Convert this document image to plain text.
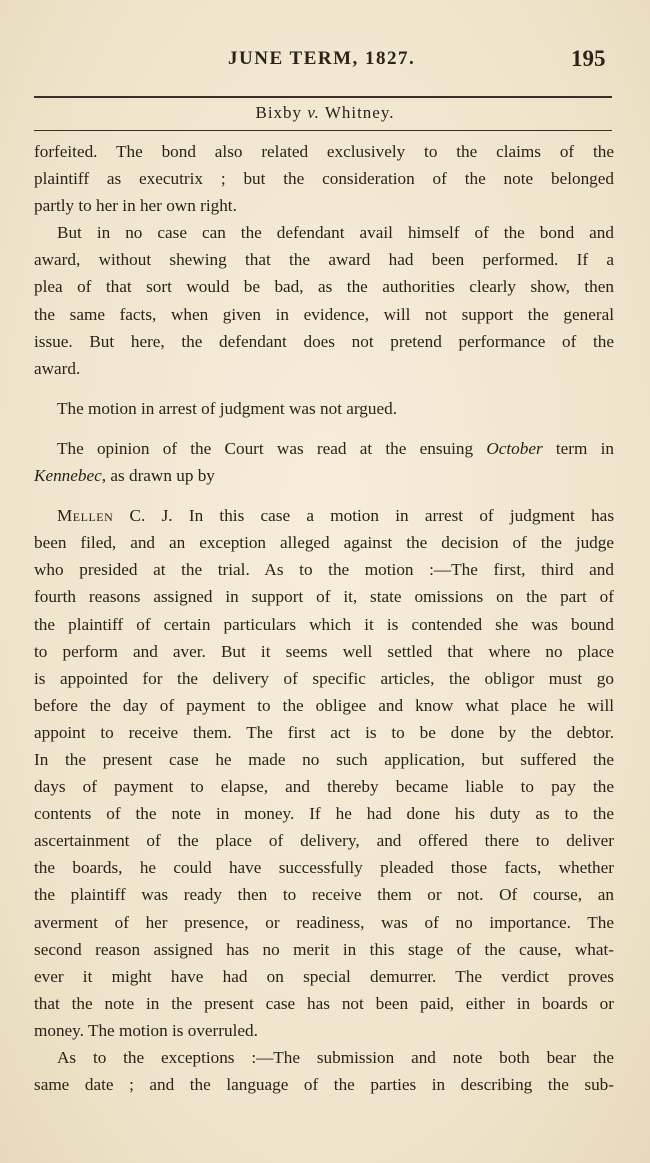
JUNE TERM, 1827.	195
Bixby v. Whitney.
forfeited. The bond also related exclusively to the claims of the
plaintiff as executrix ; but the consideration of the note belonged
partly to her in her own right.
But in no case can the defendant avail himself of the bond and
award, without shewing that the award had been performed. If a
plea of that sort would be bad, as the authorities clearly show, then
the same facts, when given in evidence, will not support the general
issue. But here, the defendant does not pretend performance of the
award.
The motion in arrest of judgment was not argued.
The opinion of the Court was read at the ensuing October term in
Kennebec, as drawn up by
Mellen C. J. In this case a motion in arrest of judgment has
been filed, and an exception alleged against the decision of the judge
who presided at the trial. As to the motion :—The first, third and
fourth reasons assigned in support of it, state omissions on the part of
the plaintiff of certain particulars which it is contended she was bound
to perform and aver. But it seems well settled that where no place
is appointed for the delivery of specific articles, the obligor must go
before the day of payment to the obligee and know what place he will
appoint to receive them. The first act is to be done by the debtor.
In the present case he made no such application, but suffered the
days of payment to elapse, and thereby became liable to pay the
contents of the note in money. If he had done his duty as to the
ascertainment of the place of delivery, and offered there to deliver
the boards, he could have successfully pleaded those facts, whether
the plaintiff was ready then to receive them or not. Of course, an
averment of her presence, or readiness, was of no importance. The
second reason assigned has no merit in this stage of the cause, what-
ever it might have had on special demurrer. The verdict proves
that the note in the present case has not been paid, either in boards or
money. The motion is overruled.
As to the exceptions :—The submission and note both bear the
same date ; and the language of the parties in describing the sub-
